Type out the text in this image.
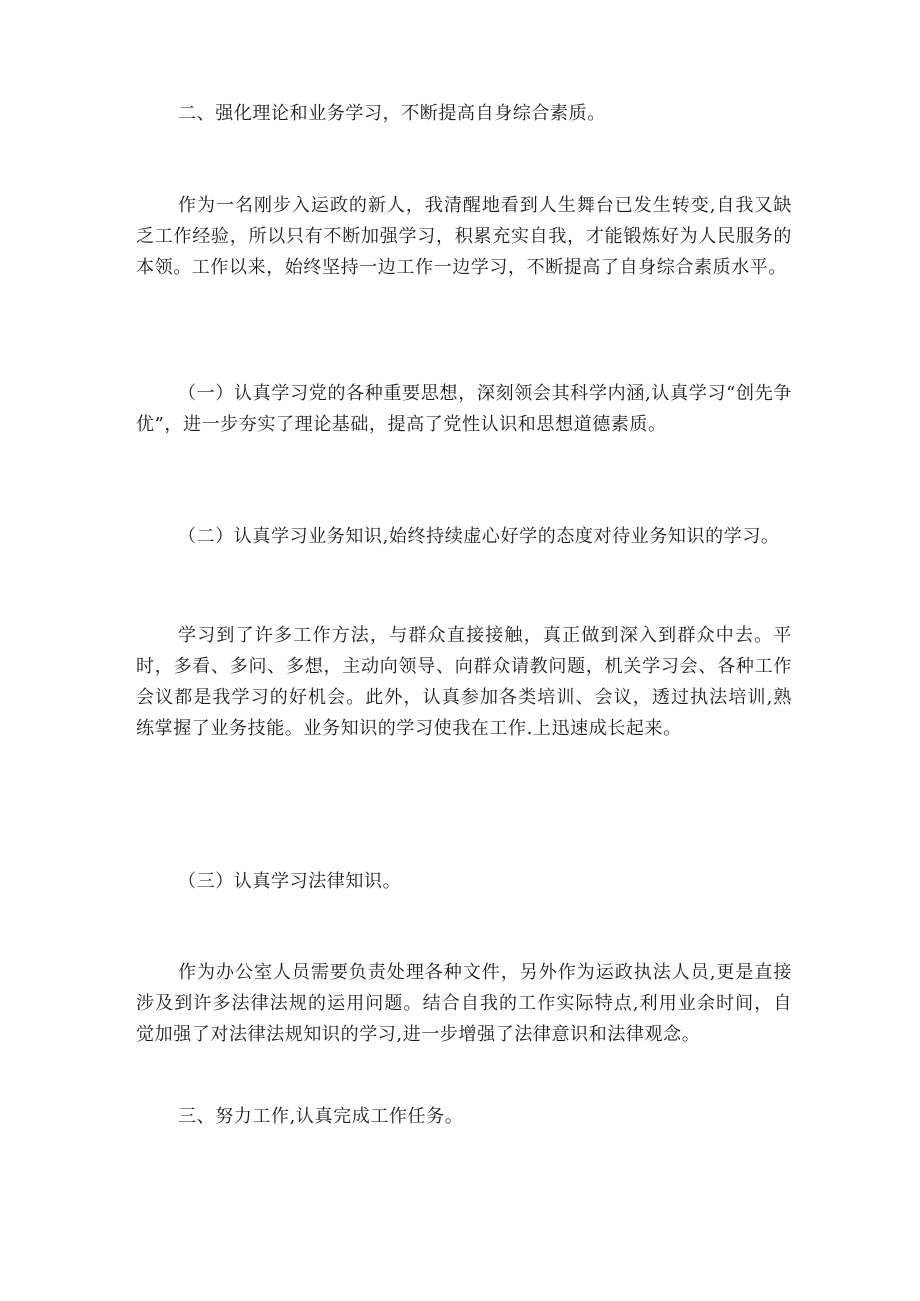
二、强化理论和业务学习，不断提高自身综合素质。

作为一名刚步入运政的新人，我清醒地看到人生舞台已发生转变,自我又缺乏工作经验，所以只有不断加强学习，积累充实自我，才能锻炼好为人民服务的本领。工作以来，始终坚持一边工作一边学习，不断提高了自身综合素质水平。

（一）认真学习党的各种重要思想，深刻领会其科学内涵,认真学习“创先争优”，进一步夯实了理论基础，提高了党性认识和思想道德素质。

（二）认真学习业务知识,始终持续虚心好学的态度对待业务知识的学习。

学习到了许多工作方法，与群众直接接触，真正做到深入到群众中去。平时，多看、多问、多想，主动向领导、向群众请教问题，机关学习会、各种工作会议都是我学习的好机会。此外，认真参加各类培训、会议，透过执法培训,熟练掌握了业务技能。业务知识的学习使我在工作.上迅速成长起来。

（三）认真学习法律知识。

作为办公室人员需要负责处理各种文件，另外作为运政执法人员,更是直接涉及到许多法律法规的运用问题。结合自我的工作实际特点,利用业余时间，自觉加强了对法律法规知识的学习,进一步增强了法律意识和法律观念。

三、努力工作,认真完成工作任务。
